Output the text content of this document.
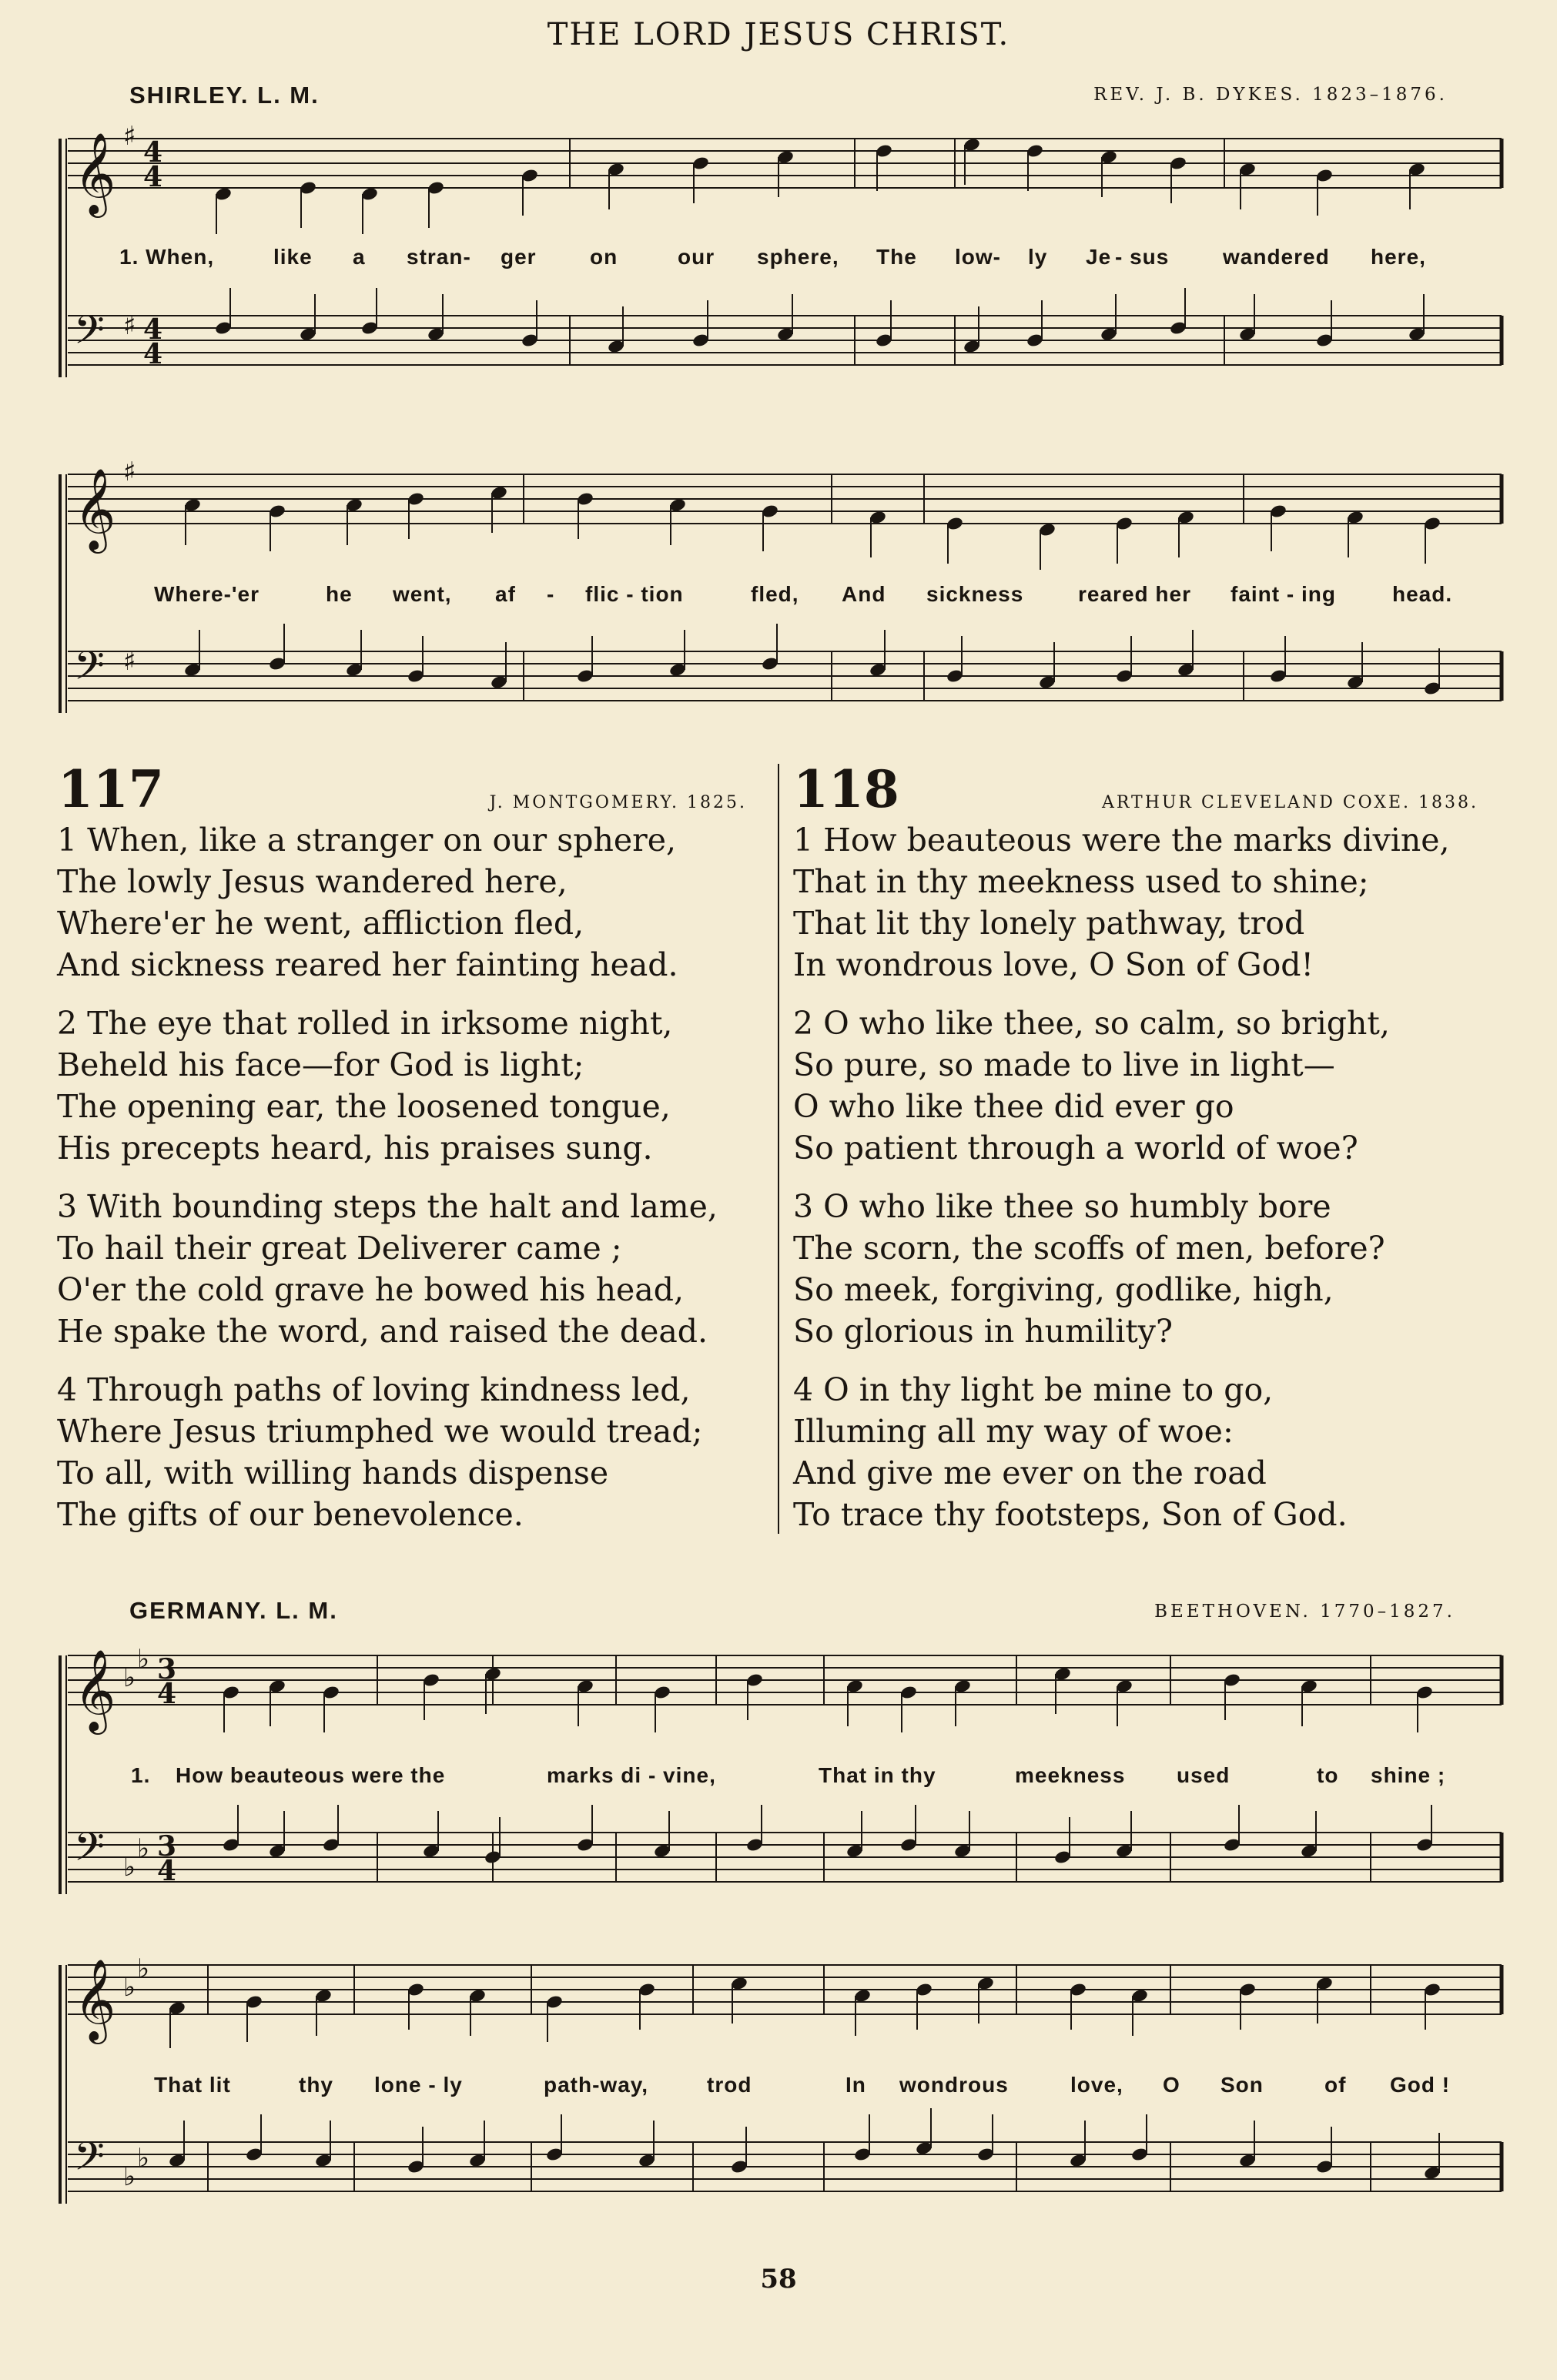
THE LORD JESUS CHRIST.
SHIRLEY. L. M.	REV. J. B. DYKES. 1823–1876.
𝄞 ♯ 4
4
𝄢 ♯ 4
4
𝄞 ♯
𝄢 ♯
𝄞 ♭
♭ 3
4
𝄢 ♭
♭ 3
4
𝄞 ♭
♭
𝄢 ♭
♭
1. When,	like a stran- ger on	our sphere, The low- ly Je - sus wandered here,
Where-'er	he went, af - flic - tion	fled, And sickness	reared her faint - ing	head.
117	J. MONTGOMERY. 1825. 118	ARTHUR CLEVELAND COXE. 1838.
1 When, like a stranger on our sphere,
The lowly Jesus wandered here,
Where'er he went, affliction fled,
And sickness reared her fainting head.
2 The eye that rolled in irksome night,
Beheld his face—for God is light;
The opening ear, the loosened tongue,
His precepts heard, his praises sung.
3 With bounding steps the halt and lame,
To hail their great Deliverer came ;
O'er the cold grave he bowed his head,
He spake the word, and raised the dead.
4 Through paths of loving kindness led,
Where Jesus triumphed we would tread;
To all, with willing hands dispense
The gifts of our benevolence.
1 How beauteous were the marks divine,
That in thy meekness used to shine;
That lit thy lonely pathway, trod
In wondrous love, O Son of God!
2 O who like thee, so calm, so bright,
So pure, so made to live in light—
O who like thee did ever go
So patient through a world of woe?
3 O who like thee so humbly bore
The scorn, the scoffs of men, before?
So meek, forgiving, godlike, high,
So glorious in humility?
4 O in thy light be mine to go,
Illuming all my way of woe:
And give me ever on the road
To trace thy footsteps, Son of God.
GERMANY. L. M.	BEETHOVEN. 1770–1827.
1. How beauteous were the	marks di - vine,	That in thy	meekness used	to shine ;
That lit	thy lone - ly	path-way,	trod	In wondrous	love, O Son	of God !
58
